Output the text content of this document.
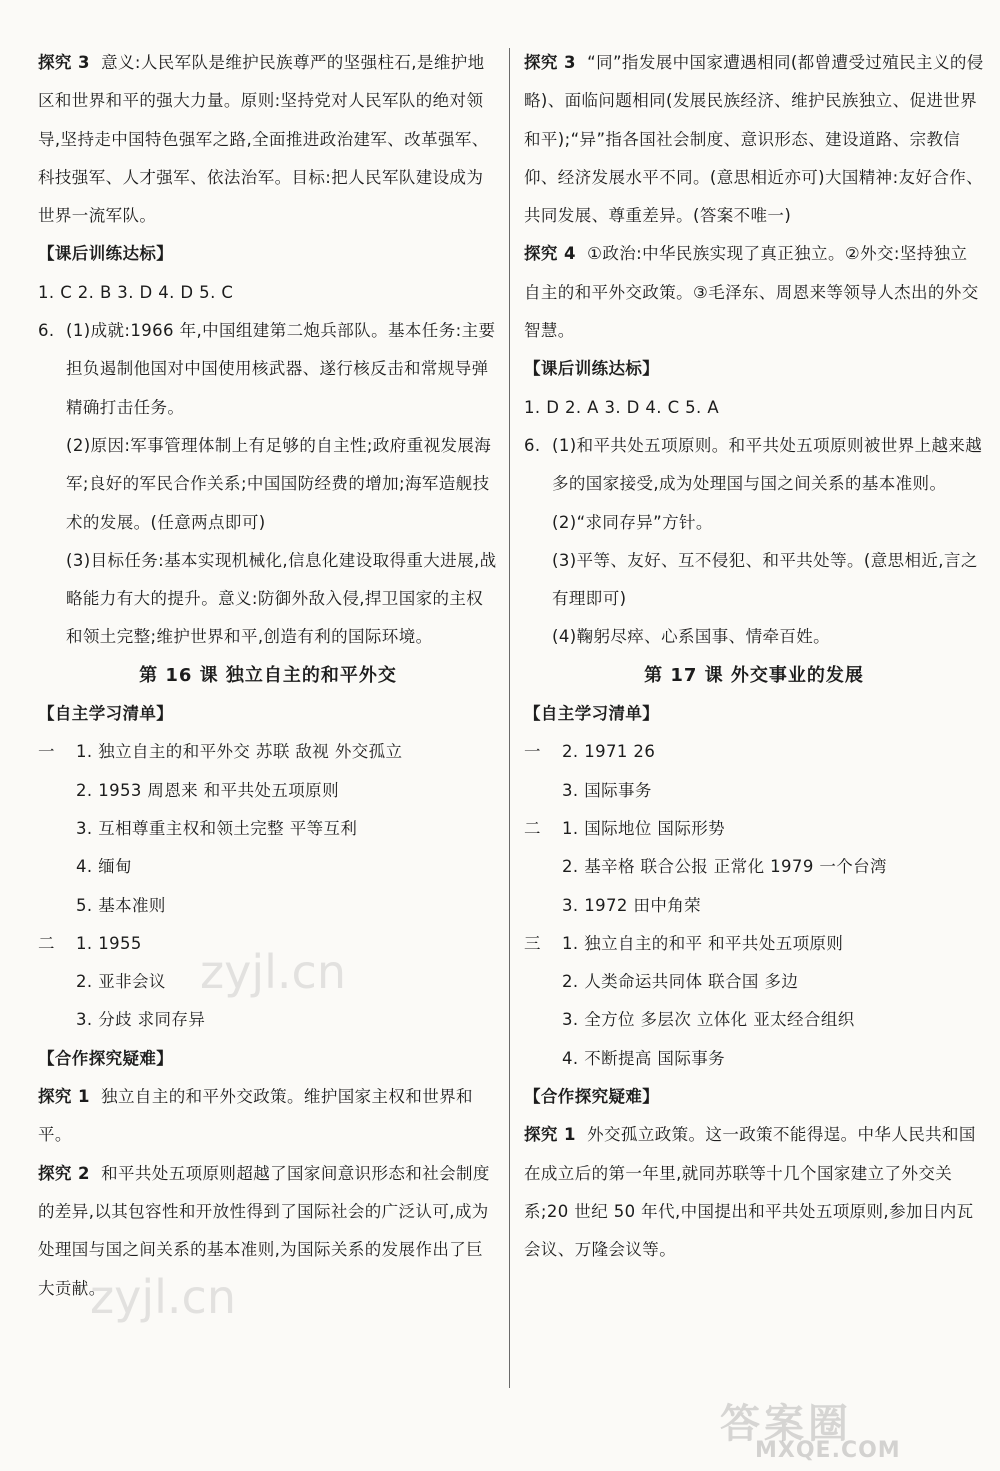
探究 3 意义:人民军队是维护民族尊严的坚强柱石,是维护地区和世界和平的强大力量。原则:坚持党对人民军队的绝对领导,坚持走中国特色强军之路,全面推进政治建军、改革强军、科技强军、人才强军、依法治军。目标:把人民军队建设成为世界一流军队。

【课后训练达标】

1. C 2. B 3. D 4. D 5. C

6. (1)成就:1966 年,中国组建第二炮兵部队。基本任务:主要担负遏制他国对中国使用核武器、遂行核反击和常规导弹精确打击任务。

(2)原因:军事管理体制上有足够的自主性;政府重视发展海军;良好的军民合作关系;中国国防经费的增加;海军造舰技术的发展。(任意两点即可)

(3)目标任务:基本实现机械化,信息化建设取得重大进展,战略能力有大的提升。意义:防御外敌入侵,捍卫国家的主权和领土完整;维护世界和平,创造有利的国际环境。

第 16 课 独立自主的和平外交

【自主学习清单】

一 1. 独立自主的和平外交 苏联 敌视 外交孤立

2. 1953 周恩来 和平共处五项原则

3. 互相尊重主权和领土完整 平等互利

4. 缅甸

5. 基本准则

二 1. 1955

2. 亚非会议

3. 分歧 求同存异

【合作探究疑难】

探究 1 独立自主的和平外交政策。维护国家主权和世界和平。

探究 2 和平共处五项原则超越了国家间意识形态和社会制度的差异,以其包容性和开放性得到了国际社会的广泛认可,成为处理国与国之间关系的基本准则,为国际关系的发展作出了巨大贡献。

探究 3 “同”指发展中国家遭遇相同(都曾遭受过殖民主义的侵略)、面临问题相同(发展民族经济、维护民族独立、促进世界和平);“异”指各国社会制度、意识形态、建设道路、宗教信仰、经济发展水平不同。(意思相近亦可)大国精神:友好合作、共同发展、尊重差异。(答案不唯一)

探究 4 ①政治:中华民族实现了真正独立。②外交:坚持独立自主的和平外交政策。③毛泽东、周恩来等领导人杰出的外交智慧。

【课后训练达标】

1. D 2. A 3. D 4. C 5. A

6. (1)和平共处五项原则。和平共处五项原则被世界上越来越多的国家接受,成为处理国与国之间关系的基本准则。

(2)“求同存异”方针。

(3)平等、友好、互不侵犯、和平共处等。(意思相近,言之有理即可)

(4)鞠躬尽瘁、心系国事、情牵百姓。

第 17 课 外交事业的发展

【自主学习清单】

一 2. 1971 26

3. 国际事务

二 1. 国际地位 国际形势

2. 基辛格 联合公报 正常化 1979 一个台湾

3. 1972 田中角荣

三 1. 独立自主的和平 和平共处五项原则

2. 人类命运共同体 联合国 多边

3. 全方位 多层次 立体化 亚太经合组织

4. 不断提高 国际事务

【合作探究疑难】

探究 1 外交孤立政策。这一政策不能得逞。中华人民共和国在成立后的第一年里,就同苏联等十几个国家建立了外交关系;20 世纪 50 年代,中国提出和平共处五项原则,参加日内瓦会议、万隆会议等。

zyjl.cn
zyjl.cn
答案圈
MXQE.COM
